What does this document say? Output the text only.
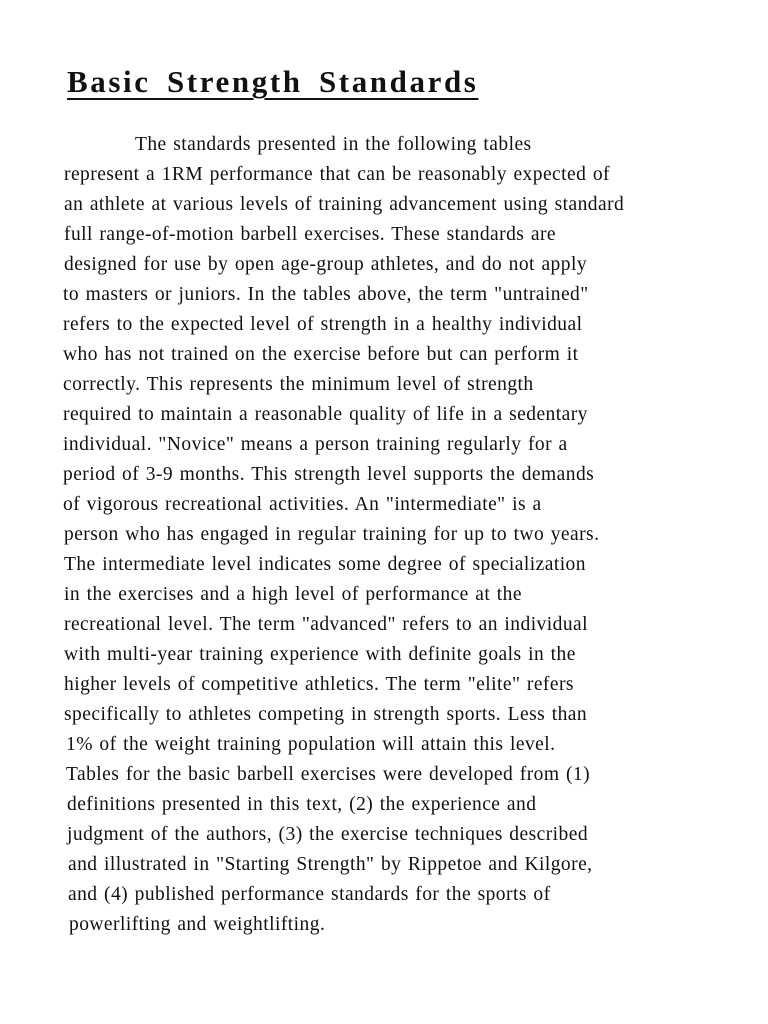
Basic Strength Standards
The standards presented in the following tables
represent a 1RM performance that can be reasonably expected of
an athlete at various levels of training advancement using standard
full range-of-motion barbell exercises. These standards are
designed for use by open age-group athletes, and do not apply
to masters or juniors. In the tables above, the term "untrained"
refers to the expected level of strength in a healthy individual
who has not trained on the exercise before but can perform it
correctly. This represents the minimum level of strength
required to maintain a reasonable quality of life in a sedentary
individual. "Novice" means a person training regularly for a
period of 3-9 months. This strength level supports the demands
of vigorous recreational activities. An "intermediate" is a
person who has engaged in regular training for up to two years.
The intermediate level indicates some degree of specialization
in the exercises and a high level of performance at the
recreational level. The term "advanced" refers to an individual
with multi-year training experience with definite goals in the
higher levels of competitive athletics. The term "elite" refers
specifically to athletes competing in strength sports. Less than
1% of the weight training population will attain this level.
Tables for the basic barbell exercises were developed from (1)
definitions presented in this text, (2) the experience and
judgment of the authors, (3) the exercise techniques described
and illustrated in "Starting Strength" by Rippetoe and Kilgore,
and (4) published performance standards for the sports of
powerlifting and weightlifting.
